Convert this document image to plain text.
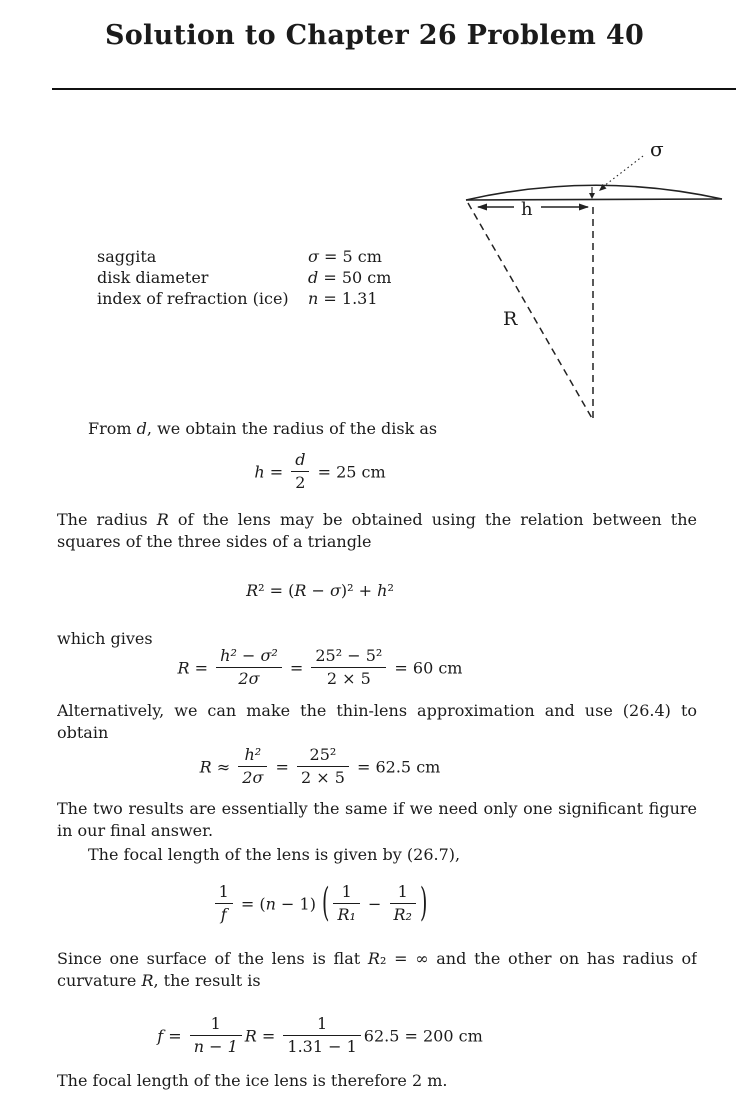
Solution to Chapter 26 Problem 40
σ
h
R
saggita	σ = 5 cm
disk diameter	d = 50 cm
index of refraction (ice)	n = 1.31
From d, we obtain the radius of the disk as
$h = \frac{d}{2} = 25$ cm
The radius R of the lens may be obtained using the relation between the
squares of the three sides of a triangle
R² = (R − σ)² + h²
which gives
$R = \frac{\text{h² − σ²}}{2\sigma} = \frac{\text{25² − 5²}}{2 \times 5} = 60$ cm
Alternatively, we can make the thin-lens approximation and use (26.4) to
obtain
$R \approx \frac{\text{h²}}{2\sigma} = \frac{\text{25²}}{2 \times 5} = 62.5$ cm
The two results are essentially the same if we need only one significant figure
in our final answer.
The focal length of the lens is given by (26.7),
$\frac{1}{f} = (n - 1)$ ( $\frac{1}{\text{R₁}} - \frac{1}{\text{R₂}}$ )
Since one surface of the lens is flat R₂ = ∞ and the other on has radius of
curvature R, the result is
$f = \frac{1}{n - 1}$ $R = \frac{1}{1.31 - 1} 62.5 = 200$ cm
The focal length of the ice lens is therefore 2 m.
